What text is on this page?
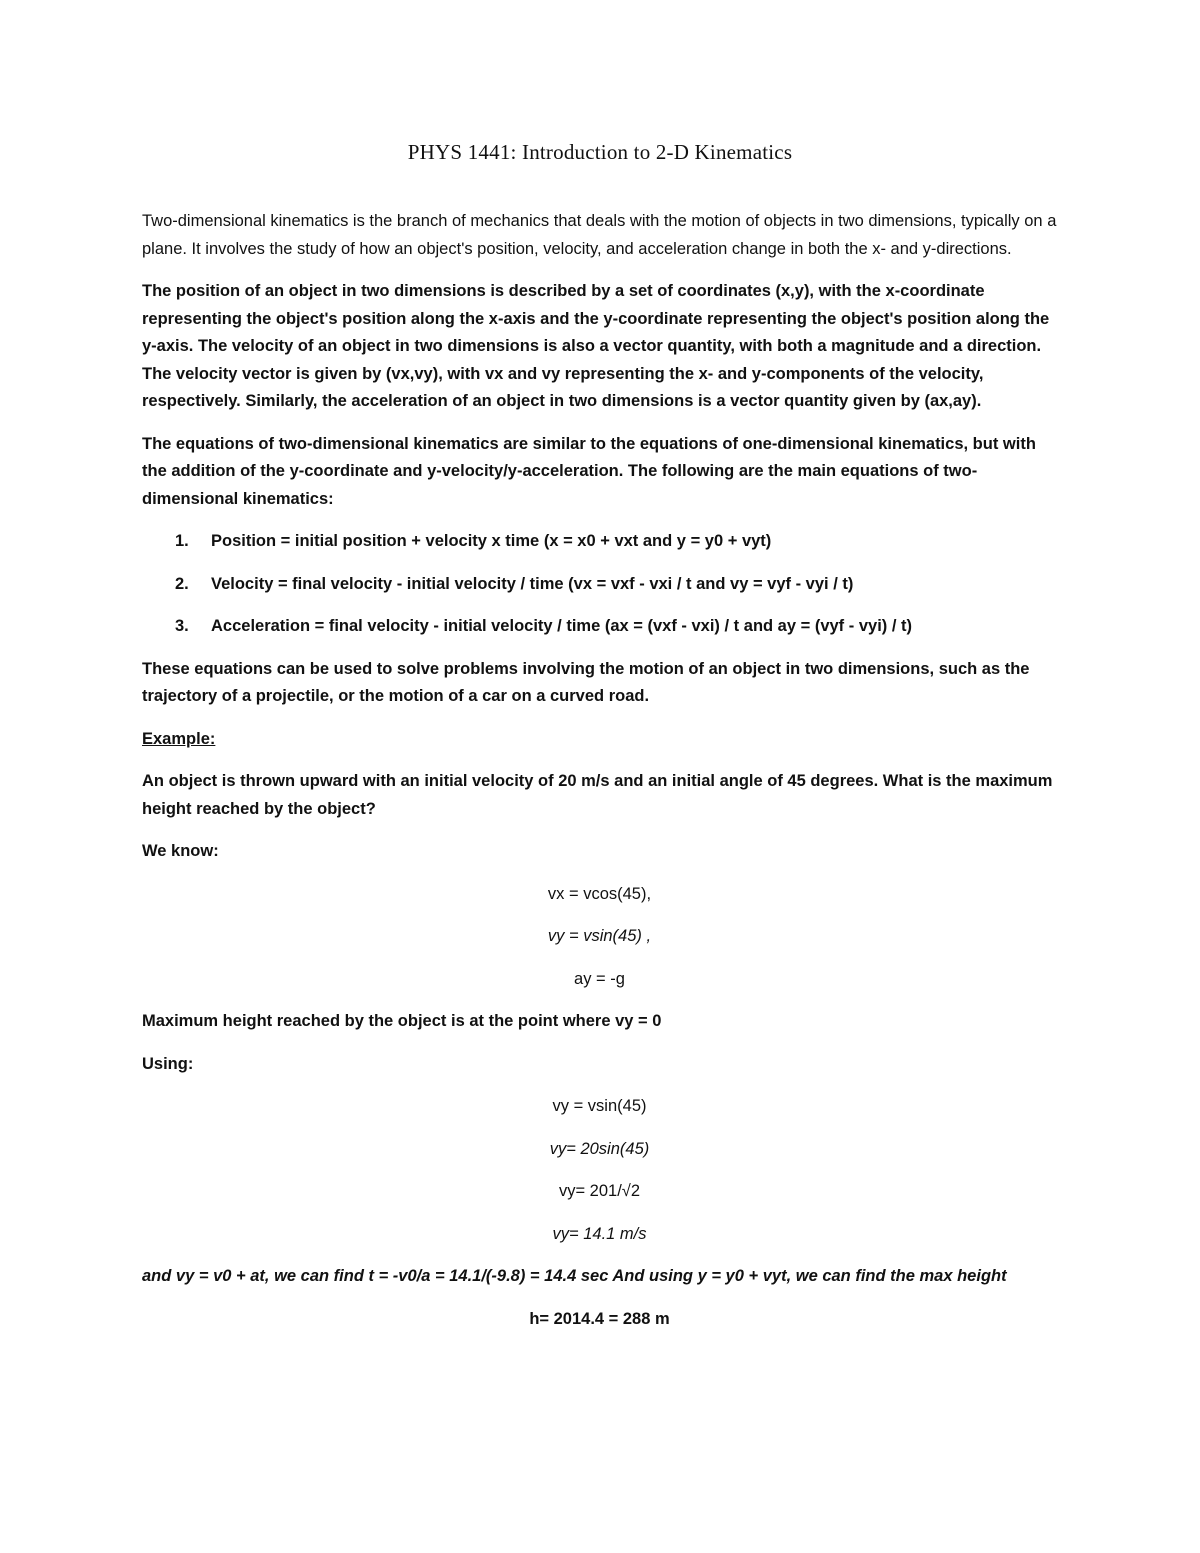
PHYS 1441: Introduction to 2-D Kinematics

Two-dimensional kinematics is the branch of mechanics that deals with the motion of objects in two dimensions, typically on a plane. It involves the study of how an object's position, velocity, and acceleration change in both the x- and y-directions.

The position of an object in two dimensions is described by a set of coordinates (x,y), with the x-coordinate representing the object's position along the x-axis and the y-coordinate representing the object's position along the y-axis. The velocity of an object in two dimensions is also a vector quantity, with both a magnitude and a direction. The velocity vector is given by (vx,vy), with vx and vy representing the x- and y-components of the velocity, respectively. Similarly, the acceleration of an object in two dimensions is a vector quantity given by (ax,ay).

The equations of two-dimensional kinematics are similar to the equations of one-dimensional kinematics, but with the addition of the y-coordinate and y-velocity/y-acceleration. The following are the main equations of two-dimensional kinematics:

1. Position = initial position + velocity x time (x = x0 + vxt and y = y0 + vyt)
2. Velocity = final velocity - initial velocity / time (vx = vxf - vxi / t and vy = vyf - vyi / t)
3. Acceleration = final velocity - initial velocity / time (ax = (vxf - vxi) / t and ay = (vyf - vyi) / t)

These equations can be used to solve problems involving the motion of an object in two dimensions, such as the trajectory of a projectile, or the motion of a car on a curved road.

Example:

An object is thrown upward with an initial velocity of 20 m/s and an initial angle of 45 degrees. What is the maximum height reached by the object?

We know:

vx = vcos(45),

vy = vsin(45) ,

ay = -g

Maximum height reached by the object is at the point where vy = 0

Using:

vy = vsin(45)

vy= 20sin(45)

vy= 201/√2

vy= 14.1 m/s

and vy = v0 + at, we can find t = -v0/a = 14.1/(-9.8) = 14.4 sec And using y = y0 + vyt, we can find the max height

h= 2014.4 = 288 m
